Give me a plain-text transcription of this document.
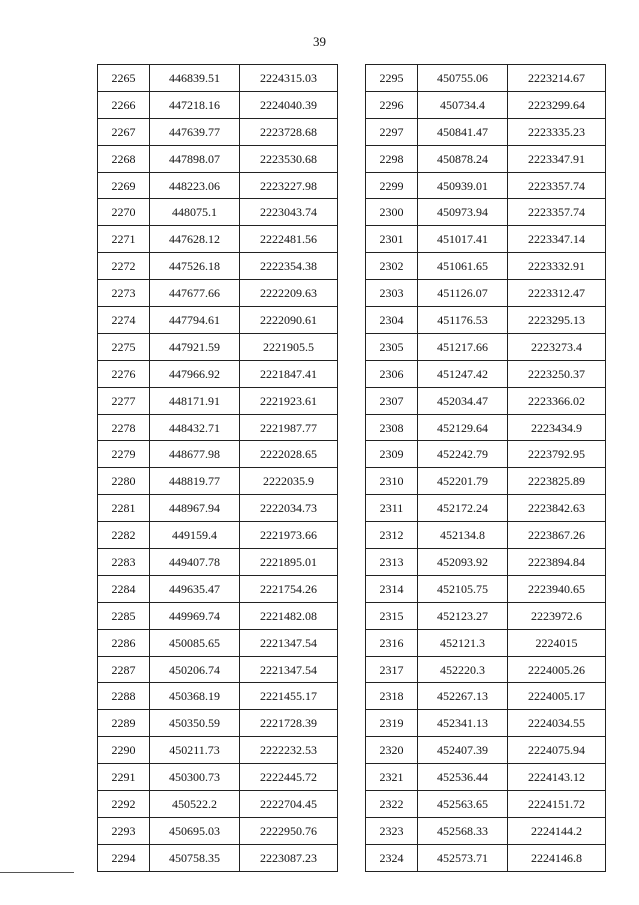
39
2265	446839.51	2224315.03
2266	447218.16	2224040.39
2267	447639.77	2223728.68
2268	447898.07	2223530.68
2269	448223.06	2223227.98
2270	448075.1	2223043.74
2271	447628.12	2222481.56
2272	447526.18	2222354.38
2273	447677.66	2222209.63
2274	447794.61	2222090.61
2275	447921.59	2221905.5
2276	447966.92	2221847.41
2277	448171.91	2221923.61
2278	448432.71	2221987.77
2279	448677.98	2222028.65
2280	448819.77	2222035.9
2281	448967.94	2222034.73
2282	449159.4	2221973.66
2283	449407.78	2221895.01
2284	449635.47	2221754.26
2285	449969.74	2221482.08
2286	450085.65	2221347.54
2287	450206.74	2221347.54
2288	450368.19	2221455.17
2289	450350.59	2221728.39
2290	450211.73	2222232.53
2291	450300.73	2222445.72
2292	450522.2	2222704.45
2293	450695.03	2222950.76
2294	450758.35	2223087.23
2295	450755.06	2223214.67
2296	450734.4	2223299.64
2297	450841.47	2223335.23
2298	450878.24	2223347.91
2299	450939.01	2223357.74
2300	450973.94	2223357.74
2301	451017.41	2223347.14
2302	451061.65	2223332.91
2303	451126.07	2223312.47
2304	451176.53	2223295.13
2305	451217.66	2223273.4
2306	451247.42	2223250.37
2307	452034.47	2223366.02
2308	452129.64	2223434.9
2309	452242.79	2223792.95
2310	452201.79	2223825.89
2311	452172.24	2223842.63
2312	452134.8	2223867.26
2313	452093.92	2223894.84
2314	452105.75	2223940.65
2315	452123.27	2223972.6
2316	452121.3	2224015
2317	452220.3	2224005.26
2318	452267.13	2224005.17
2319	452341.13	2224034.55
2320	452407.39	2224075.94
2321	452536.44	2224143.12
2322	452563.65	2224151.72
2323	452568.33	2224144.2
2324	452573.71	2224146.8
